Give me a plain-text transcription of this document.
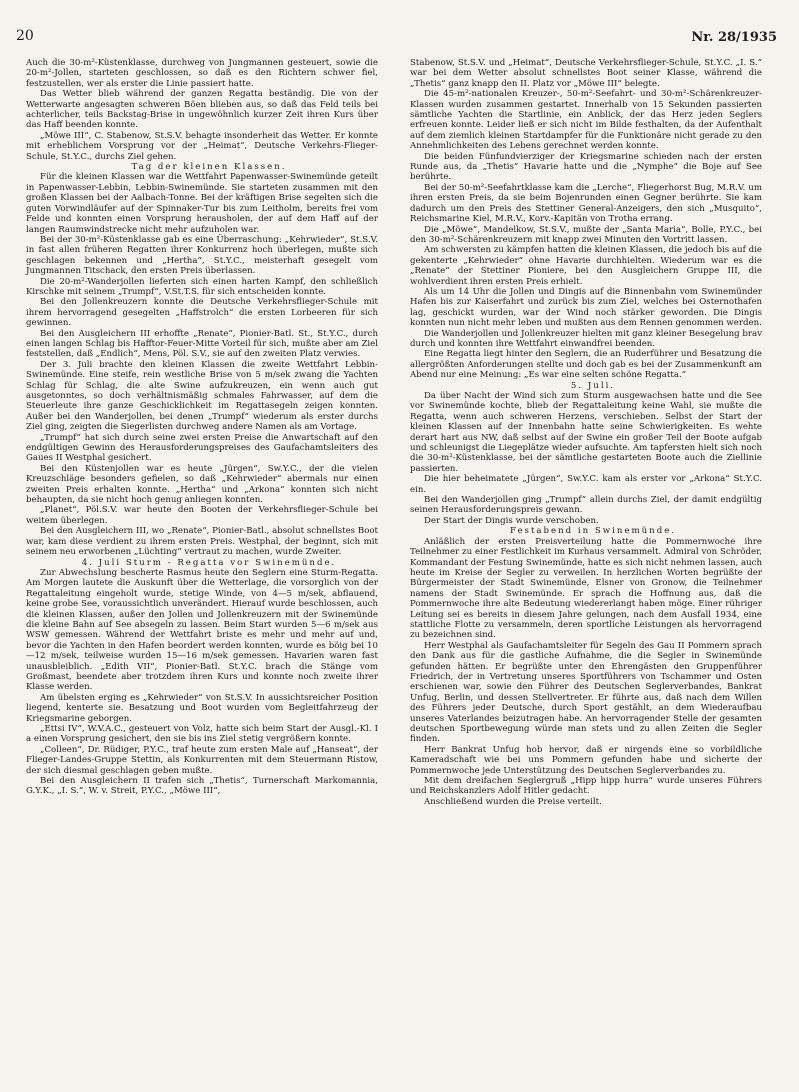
20	Nr. 28/1935

Auch die 30-m²-Küstenklasse, durchweg von Jungmannen gesteuert, sowie die 20-m²-Jollen, starteten geschlossen, so daß es den Richtern schwer fiel, festzustellen, wer als erster die Linie passiert hatte.

Das Wetter blieb während der ganzen Regatta beständig. Die von der Wetterwarte angesagten schweren Böen blieben aus, so daß das Feld teils bei achterlicher, teils Backstag-Brise in ungewöhnlich kurzer Zeit ihren Kurs über das Haff beenden konnte.

„Möwe III“, C. Stabenow, St.S.V. behagte insonderheit das Wetter. Er konnte mit erheblichem Vorsprung vor der „Heimat“, Deutsche Verkehrs-Flieger-Schule, St.Y.C., durchs Ziel gehen.

Tag der kleinen Klassen.

Für die kleinen Klassen war die Wettfahrt Papenwasser-Swinemünde geteilt in Papenwasser-Lebbin, Lebbin-Swinemünde. Sie starteten zusammen mit den großen Klassen bei der Aalbach-Tonne. Bei der kräftigen Brise segelten sich die guten Vorwindläufer auf der Spinnaker-Tur bis zum Leitholm, bereits frei vom Felde und konnten einen Vorsprung herausholen, der auf dem Haff auf der langen Raumwindstrecke nicht mehr aufzuholen war.

Bei der 30-m²-Küstenklasse gab es eine Überraschung: „Kehrwieder“, St.S.V. in fast allen früheren Regatten ihrer Konkurrenz hoch überlegen, mußte sich geschlagen bekennen und „Hertha“, St.Y.C., meisterhaft gesegelt vom Jungmannen Titschack, den ersten Preis überlassen.

Die 20-m²-Wanderjollen lieferten sich einen harten Kampf, den schließlich Kirschke mit seinem „Trumpf“, V.St.T.S. für sich entscheiden konnte.

Bei den Jollenkreuzern konnte die Deutsche Verkehrsflieger-Schule mit ihrem hervorragend gesegelten „Haffstrolch“ die ersten Lorbeeren für sich gewinnen.

Bei den Ausgleichern III erhoffte „Renate“, Pionier-Batl. St., St.Y.C., durch einen langen Schlag bis Hafftor-Feuer-Mitte Vorteil für sich, mußte aber am Ziel feststellen, daß „Endlich“, Mens, Pöl. S.V., sie auf den zweiten Platz verwies.

Der 3. Juli brachte den kleinen Klassen die zweite Wettfahrt Lebbin-Swinemünde. Eine steife, rein westliche Brise von 5 m/sek zwang die Yachten Schlag für Schlag, die alte Swine aufzukreuzen, ein wenn auch gut ausgetonntes, so doch verhältnismäßig schmales Fahrwasser, auf dem die Steuerleute ihre ganze Geschicklichkeit im Regattasegeln zeigen konnten. Außer bei den Wanderjollen, bei denen „Trumpf“ wiederum als erster durchs Ziel ging, zeigten die Siegerlisten durchweg andere Namen als am Vortage.

„Trumpf“ hat sich durch seine zwei ersten Preise die Anwartschaft auf den endgültigen Gewinn des Herausforderungspreises des Gaufachamtsleiters des Gaues II Westphal gesichert.

Bei den Küstenjollen war es heute „Jürgen“, Sw.Y.C., der die vielen Kreuzschläge besonders gefielen, so daß „Kehrwieder“ abermals nur einen zweiten Preis erhalten konnte. „Hertha“ und „Arkona“ konnten sich nicht behaupten, da sie nicht hoch genug anliegen konnten.

„Planet“, Pöl.S.V. war heute den Booten der Verkehrsflieger-Schule bei weitem überlegen.

Bei den Ausgleichern III, wo „Renate“, Pionier-Batl., absolut schnellstes Boot war, kam diese verdient zu ihrem ersten Preis. Westphal, der beginnt, sich mit seinem neu erworbenen „Lüchting“ vertraut zu machen, wurde Zweiter.

4. Juli Sturm - Regatta vor Swinemünde.

Zur Abwechslung bescherte Rasmus heute den Seglern eine Sturm-Regatta. Am Morgen lautete die Auskunft über die Wetterlage, die vorsorglich von der Regattaleitung eingeholt wurde, stetige Winde, von 4—5 m/sek, abflauend, keine grobe See, voraussichtlich unverändert. Hierauf wurde beschlossen, auch die kleinen Klassen, außer den Jollen und Jollenkreuzern mit der Swinemünde die kleine Bahn auf See absegeln zu lassen. Beim Start wurden 5—6 m/sek aus WSW gemessen. Während der Wettfahrt briste es mehr und mehr auf und, bevor die Yachten in den Hafen beordert werden konnten, wurde es böig bei 10—12 m/sek, teilweise wurden 15—16 m/sek gemessen. Havarien waren fast unausbleiblich. „Edith VII“, Pionier-Batl. St.Y.C. brach die Stänge vom Großmast, beendete aber trotzdem ihren Kurs und konnte noch zweite ihrer Klasse werden.

Am übelsten erging es „Kehrwieder“ von St.S.V. In aussichtsreicher Position liegend, kenterte sie. Besatzung und Boot wurden vom Begleitfahrzeug der Kriegsmarine geborgen.

„Ettsi IV“, W.V.A.C., gesteuert von Volz, hatte sich beim Start der Ausgl.-Kl. I a einen Vorsprung gesichert, den sie bis ins Ziel stetig vergrößern konnte.

„Colleen“, Dr. Rüdiger, P.Y.C., traf heute zum ersten Male auf „Hanseat“, der Flieger-Landes-Gruppe Stettin, als Konkurrenten mit dem Steuermann Ristow, der sich diesmal geschlagen geben mußte.

Bei den Ausgleichern II trafen sich „Thetis“, Turnerschaft Markomannia, G.Y.K., „I. S.“, W. v. Streit, P.Y.C., „Möwe III“,

Stabenow, St.S.V. und „Heimat“, Deutsche Verkehrsflieger-Schule, St.Y.C. „I. S.“ war bei dem Wetter absolut schnellstes Boot seiner Klasse, während die „Thetis“ ganz knapp den II. Platz vor „Möwe III“ belegte.

Die 45-m²-nationalen Kreuzer-, 50-m²-Seefahrt- und 30-m²-Schärenkreuzer-Klassen wurden zusammen gestartet. Innerhalb von 15 Sekunden passierten sämtliche Yachten die Startlinie, ein Anblick, der das Herz jeden Seglers erfreuen konnte. Leider ließ er sich nicht im Bilde festhalten, da der Aufenthalt auf dem ziemlich kleinen Startdampfer für die Funktionäre nicht gerade zu den Annehmlichkeiten des Lebens gerechnet werden konnte.

Die beiden Fünfundvierziger der Kriegsmarine schieden nach der ersten Runde aus, da „Thetis“ Havarie hatte und die „Nymphe“ die Boje auf See berührte.

Bei der 50-m²-Seefahrtklasse kam die „Lerche“, Fliegerhorst Bug, M.R.V. um ihren ersten Preis, da sie beim Bojenrunden einen Gegner berührte. Sie kam dadurch um den Preis des Stettiner General-Anzeigers, den sich „Musquito“, Reichsmarine Kiel, M.R.V., Korv.-Kapitän von Trotha errang.

Die „Möwe“, Mandelkow, St.S.V., mußte der „Santa Maria“, Bolle, P.Y.C., bei den 30-m²-Schärenkreuzern mit knapp zwei Minuten den Vortritt lassen.

Am schwersten zu kämpfen hatten die kleinen Klassen, die jedoch bis auf die gekenterte „Kehrwieder“ ohne Havarie durchhielten. Wiederum war es die „Renate“ der Stettiner Pioniere, bei den Ausgleichern Gruppe III, die wohlverdient ihren ersten Preis erhielt.

Als um 14 Uhr die Jollen und Dingis auf die Binnenbahn vom Swinemünder Hafen bis zur Kaiserfahrt und zurück bis zum Ziel, welches bei Osternothafen lag, geschickt wurden, war der Wind noch stärker geworden. Die Dingis konnten nun nicht mehr leben und mußten aus dem Rennen genommen werden.

Die Wanderjollen und Jollenkreuzer hielten mit ganz kleiner Besegelung brav durch und konnten ihre Wettfahrt einwandfrei beenden.

Eine Regatta liegt hinter den Seglern, die an Ruderführer und Besatzung die allergrößten Anforderungen stellte und doch gab es bei der Zusammenkunft am Abend nur eine Meinung: „Es war eine selten schöne Regatta.“

5. Juli.

Da über Nacht der Wind sich zum Sturm ausgewachsen hatte und die See vor Swinemünde kochte, blieb der Regattaleitung keine Wahl, sie mußte die Regatta, wenn auch schweren Herzens, verschieben. Selbst der Start der kleinen Klassen auf der Innenbahn hatte seine Schwierigkeiten. Es wehte derart hart aus NW, daß selbst auf der Swine ein großer Teil der Boote aufgab und schleunigst die Liegeplätze wieder aufsuchte. Am tapfersten hielt sich noch die 30-m²-Küstenklasse, bei der sämtliche gestarteten Boote auch die Ziellinie passierten.

Die hier beheimatete „Jürgen“, Sw.Y.C. kam als erster vor „Arkona“ St.Y.C. ein.

Bei den Wanderjollen ging „Trumpf“ allein durchs Ziel, der damit endgültig seinen Herausforderungspreis gewann.

Der Start der Dingis wurde verschoben.

Festabend in Swinemünde.

Anläßlich der ersten Preisverteilung hatte die Pommernwoche ihre Teilnehmer zu einer Festlichkeit im Kurhaus versammelt. Admiral von Schröder, Kommandant der Festung Swinemünde, hatte es sich nicht nehmen lassen, auch heute im Kreise der Segler zu verweilen. In herzlichen Worten begrüßte der Bürgermeister der Stadt Swinemünde, Elsner von Gronow, die Teilnehmer namens der Stadt Swinemünde. Er sprach die Hoffnung aus, daß die Pommernwoche ihre alte Bedeutung wiedererlangt haben möge. Einer rühriger Leitung sei es bereits in diesem Jahre gelungen, nach dem Ausfall 1934, eine stattliche Flotte zu versammeln, deren sportliche Leistungen als hervorragend zu bezeichnen sind.

Herr Westphal als Gaufachamtsleiter für Segeln des Gau II Pommern sprach den Dank aus für die gastliche Aufnahme, die die Segler in Swinemünde gefunden hätten. Er begrüßte unter den Ehrengästen den Gruppenführer Friedrich, der in Vertretung unseres Sportführers von Tschammer und Osten erschienen war, sowie den Führer des Deutschen Seglerverbandes, Bankrat Unfug, Berlin, und dessen Stellvertreter. Er führte aus, daß nach dem Willen des Führers jeder Deutsche, durch Sport gestählt, an dem Wiederaufbau unseres Vaterlandes beizutragen habe. An hervorragender Stelle der gesamten deutschen Sportbewegung würde man stets und zu allen Zeiten die Segler finden.

Herr Bankrat Unfug hob hervor, daß er nirgends eine so vorbildliche Kameradschaft wie bei uns Pommern gefunden habe und sicherte der Pommernwoche jede Unterstützung des Deutschen Seglerverbandes zu.

Mit dem dreifachen Seglergruß „Hipp hipp hurra“ wurde unseres Führers und Reichskanzlers Adolf Hitler gedacht.

Anschließend wurden die Preise verteilt.
